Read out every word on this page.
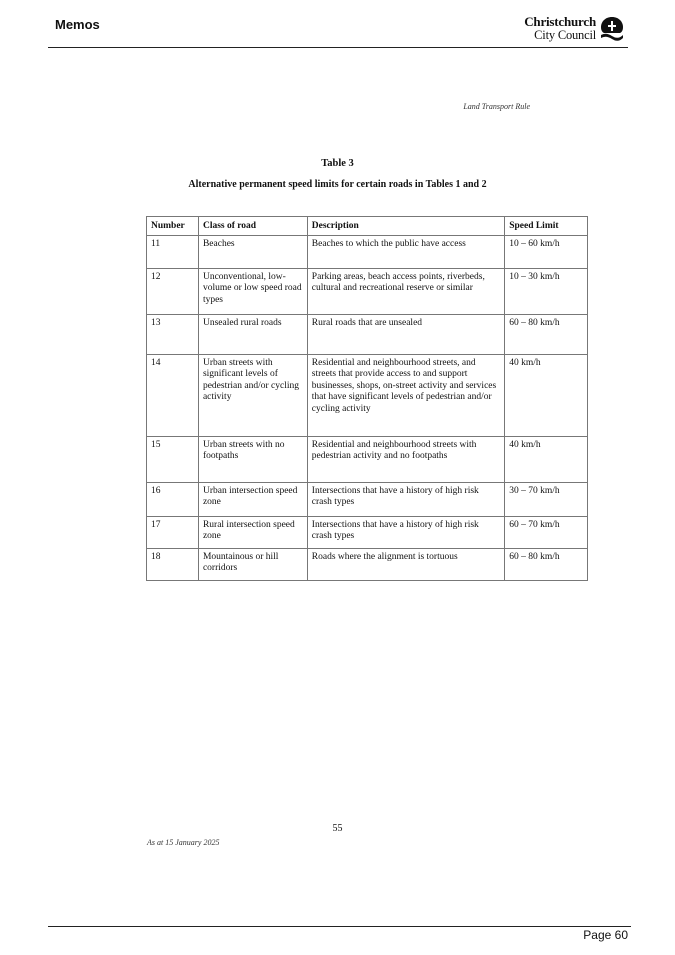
Memos	Christchurch
City Council
Land Transport Rule
Table 3
Alternative permanent speed limits for certain roads in Tables 1 and 2
Number	Class of road	Description	Speed Limit
11	Beaches	Beaches to which the public have access	10 – 60 km/h
12	Unconventional, low-volume or low speed road types	Parking areas, beach access points, riverbeds, cultural and recreational reserve or similar	10 – 30 km/h
13	Unsealed rural roads	Rural roads that are unsealed	60 – 80 km/h
14	Urban streets with significant levels of pedestrian and/or cycling activity	Residential and neighbourhood streets, and streets that provide access to and support businesses, shops, on-street activity and services that have significant levels of pedestrian and/or cycling activity	40 km/h
15	Urban streets with no footpaths	Residential and neighbourhood streets with pedestrian activity and no footpaths	40 km/h
16	Urban intersection speed zone	Intersections that have a history of high risk crash types	30 – 70 km/h
17	Rural intersection speed zone	Intersections that have a history of high risk crash types	60 – 70 km/h
18	Mountainous or hill corridors	Roads where the alignment is tortuous	60 – 80 km/h
55
As at 15 January 2025
Page 60
